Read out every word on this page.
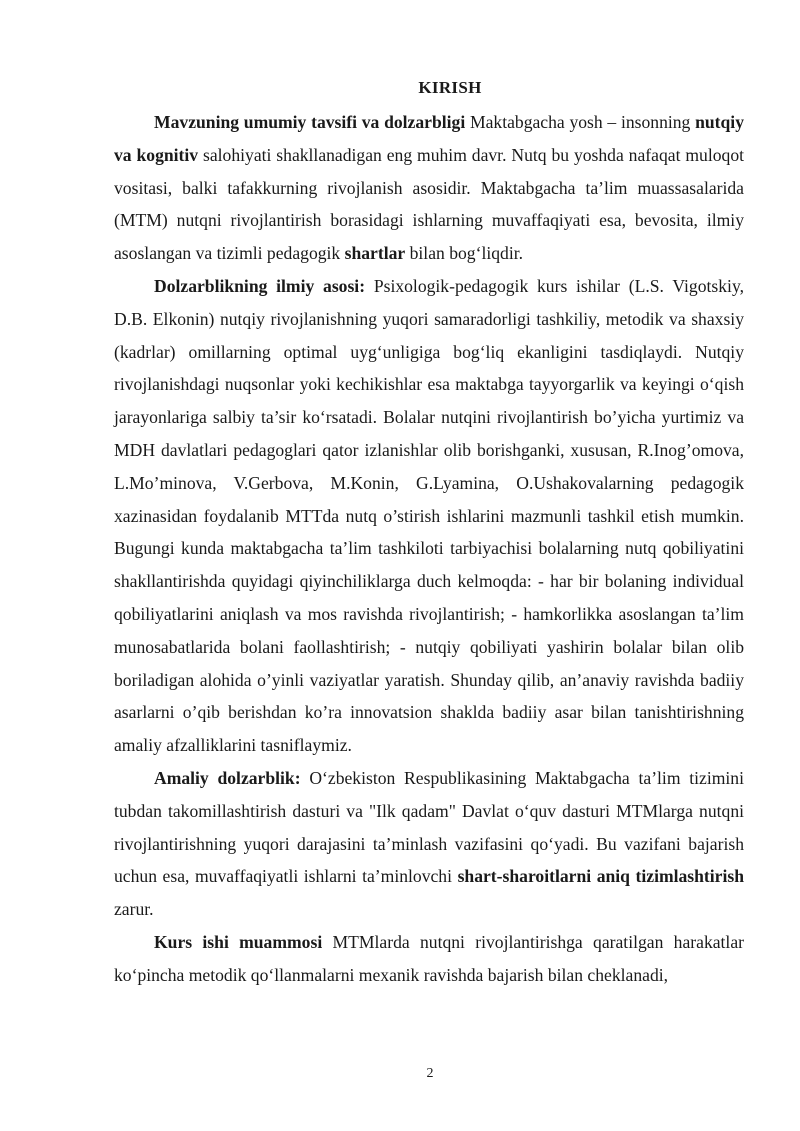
KIRISH

Mavzuning umumiy tavsifi va dolzarbligi Maktabgacha yosh – insonning nutqiy va kognitiv salohiyati shakllanadigan eng muhim davr. Nutq bu yoshda nafaqat muloqot vositasi, balki tafakkurning rivojlanish asosidir. Maktabgacha ta’lim muassasalarida (MTM) nutqni rivojlantirish borasidagi ishlarning muvaffaqiyati esa, bevosita, ilmiy asoslangan va tizimli pedagogik shartlar bilan bog‘liqdir.

Dolzarblikning ilmiy asosi: Psixologik-pedagogik kurs ishilar (L.S. Vigotskiy, D.B. Elkonin) nutqiy rivojlanishning yuqori samaradorligi tashkiliy, metodik va shaxsiy (kadrlar) omillarning optimal uyg‘unligiga bog‘liq ekanligini tasdiqlaydi. Nutqiy rivojlanishdagi nuqsonlar yoki kechikishlar esa maktabga tayyorgarlik va keyingi o‘qish jarayonlariga salbiy ta’sir ko‘rsatadi. Bolalar nutqini rivojlantirish bo’yicha yurtimiz va MDH davlatlari pedagoglari qator izlanishlar olib borishganki, xususan, R.Inog’omova, L.Mo’minova, V.Gerbova, M.Konin, G.Lyamina, O.Ushakovalarning pedagogik xazinasidan foydalanib MTTda nutq o’stirish ishlarini mazmunli tashkil etish mumkin. Bugungi kunda maktabgacha ta’lim tashkiloti tarbiyachisi bolalarning nutq qobiliyatini shakllantirishda quyidagi qiyinchiliklarga duch kelmoqda: - har bir bolaning individual qobiliyatlarini aniqlash va mos ravishda rivojlantirish; - hamkorlikka asoslangan ta’lim munosabatlarida bolani faollashtirish; - nutqiy qobiliyati yashirin bolalar bilan olib boriladigan alohida o’yinli vaziyatlar yaratish. Shunday qilib, an’anaviy ravishda badiiy asarlarni o’qib berishdan ko’ra innovatsion shaklda badiiy asar bilan tanishtirishning amaliy afzalliklarini tasniflaymiz.

Amaliy dolzarblik: O‘zbekiston Respublikasining Maktabgacha ta’lim tizimini tubdan takomillashtirish dasturi va "Ilk qadam" Davlat o‘quv dasturi MTMlarga nutqni rivojlantirishning yuqori darajasini ta’minlash vazifasini qo‘yadi. Bu vazifani bajarish uchun esa, muvaffaqiyatli ishlarni ta’minlovchi shart-sharoitlarni aniq tizimlashtirish zarur.

Kurs ishi muammosi MTMlarda nutqni rivojlantirishga qaratilgan harakatlar ko‘pincha metodik qo‘llanmalarni mexanik ravishda bajarish bilan cheklanadi,

2
